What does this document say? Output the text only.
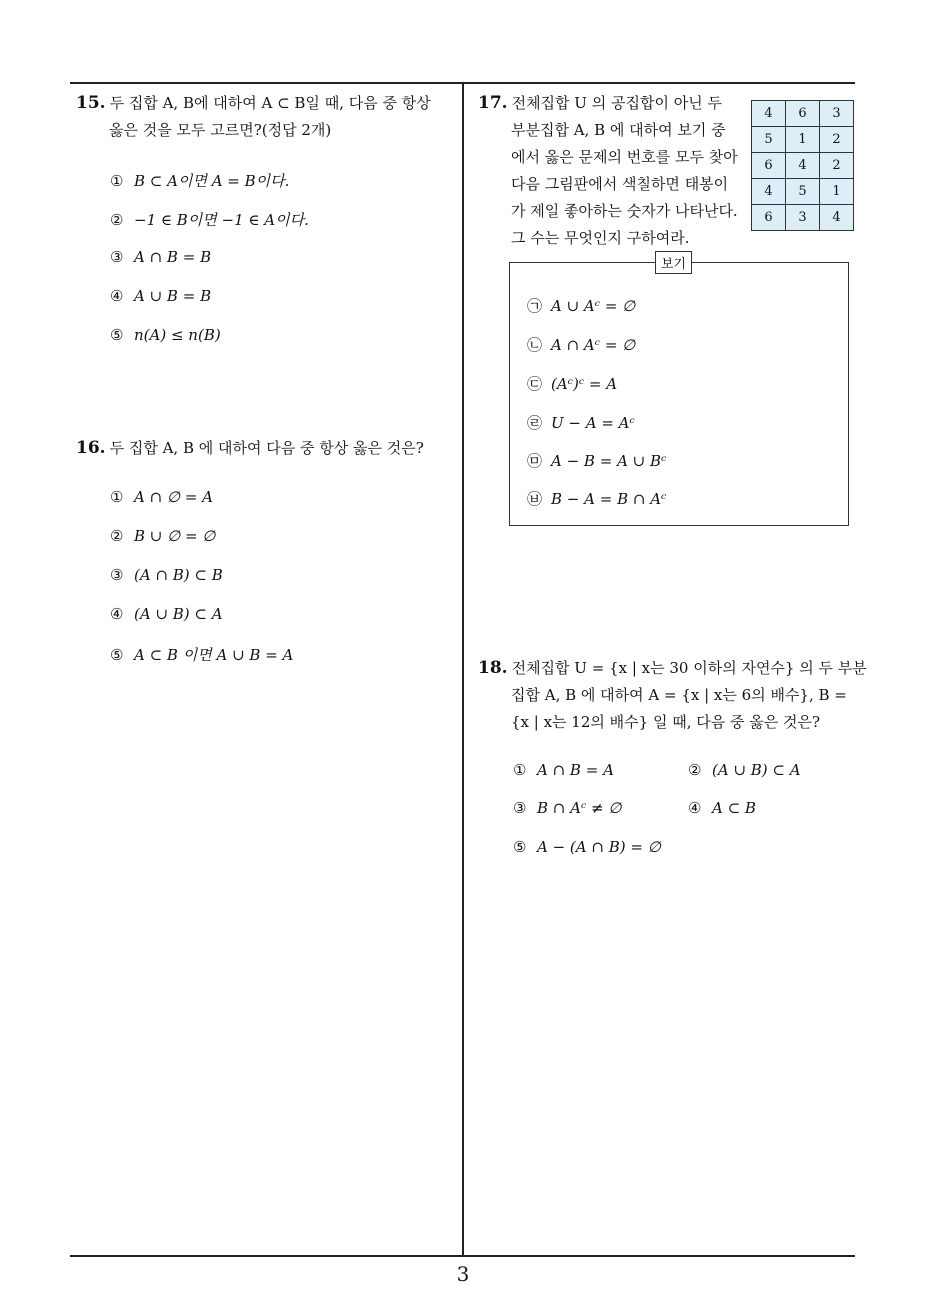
15. 두 집합 A, B에 대하여 A ⊂ B일 때, 다음 중 항상
옳은 것을 모두 고르면?(정답 2개)
① B ⊂ A이면 A = B이다.
② −1 ∈ B이면 −1 ∈ A이다.
③ A ∩ B = B
④ A ∪ B = B
⑤ n(A) ≤ n(B)
16. 두 집합 A, B 에 대하여 다음 중 항상 옳은 것은?
① A ∩ ∅ = A
② B ∪ ∅ = ∅
③ (A ∩ B) ⊂ B
④ (A ∪ B) ⊂ A
⑤ A ⊂ B 이면 A ∪ B = A
17. 전체집합 U 의 공집합이 아닌 두
부분집합 A, B 에 대하여 보기 중
에서 옳은 문제의 번호를 모두 찾아
다음 그림판에서 색칠하면 태봉이
가 제일 좋아하는 숫자가 나타난다.
그 수는 무엇인지 구하여라.
4	6	3
5	1	2
6	4	2
4	5	1
6	3	4
보기
㉠ A ∪ Aᶜ = ∅
㉡ A ∩ Aᶜ = ∅
㉢ (Aᶜ)ᶜ = A
㉣ U − A = Aᶜ
㉤ A − B = A ∪ Bᶜ
㉥ B − A = B ∩ Aᶜ
18. 전체집합 U = {x | x는 30 이하의 자연수} 의 두 부분
집합 A, B 에 대하여 A = {x | x는 6의 배수}, B =
{x | x는 12의 배수} 일 때, 다음 중 옳은 것은?
① A ∩ B = A	② (A ∪ B) ⊂ A
③ B ∩ Aᶜ ≠ ∅	④ A ⊂ B
⑤ A − (A ∩ B) = ∅
3
